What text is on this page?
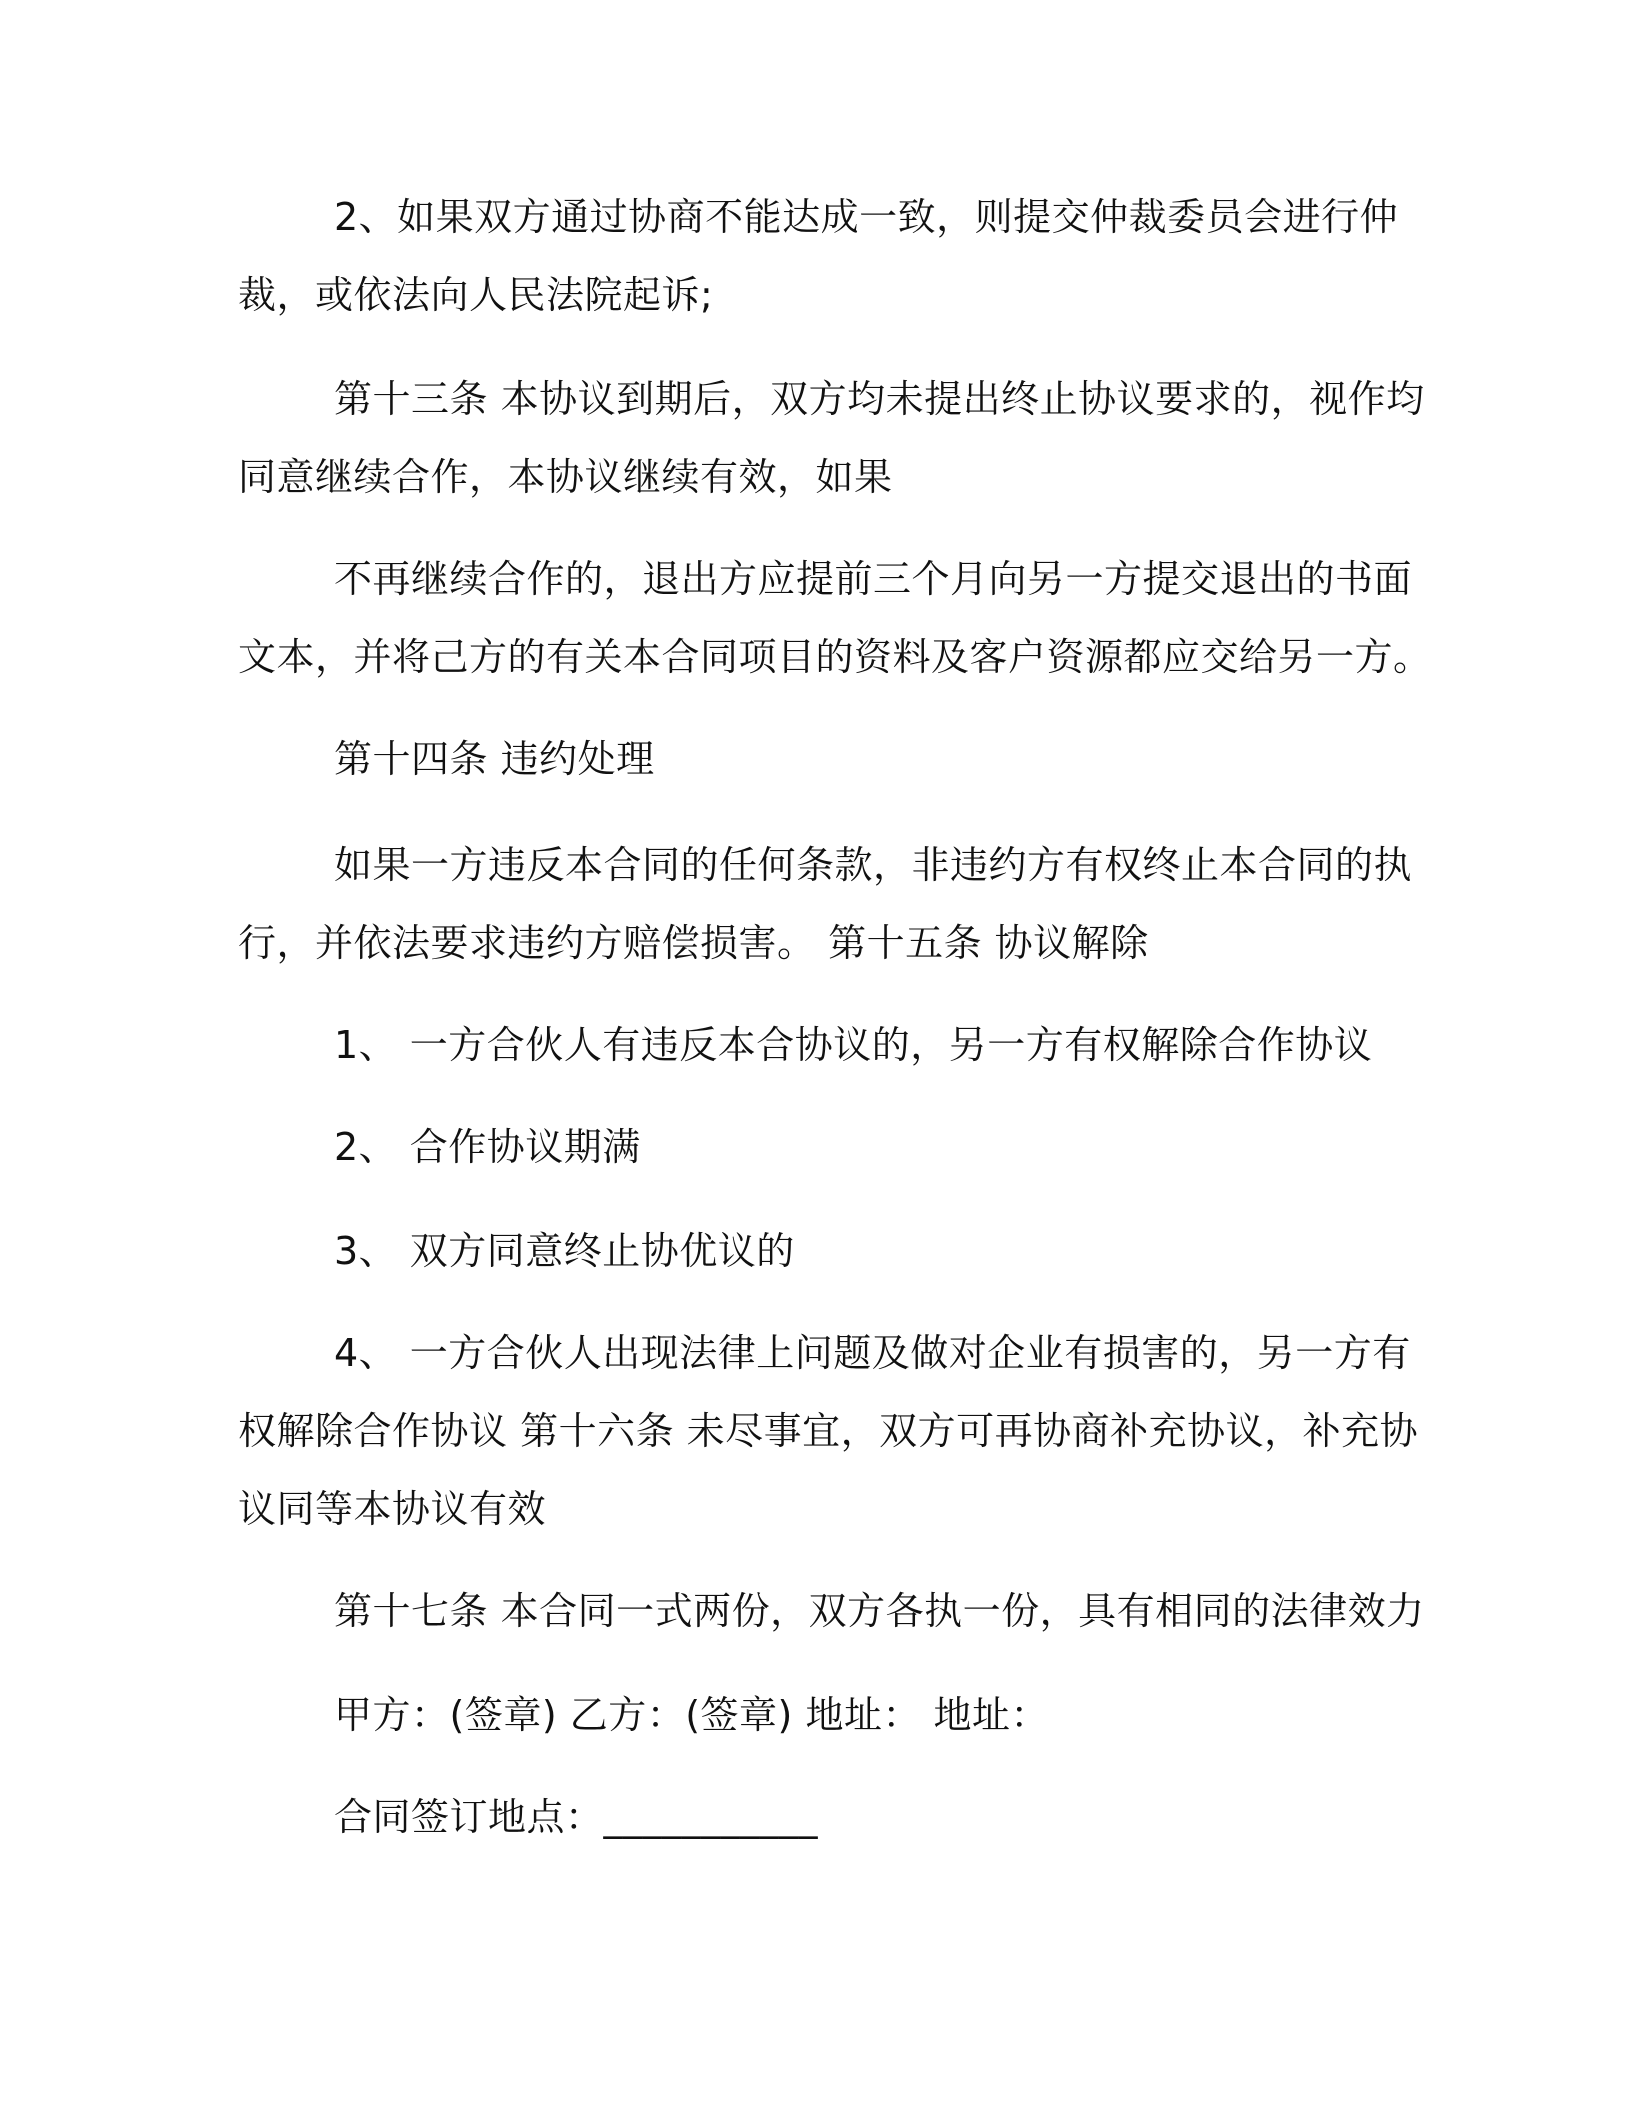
2、如果双方通过协商不能达成一致，则提交仲裁委员会进行仲
裁，或依法向人民法院起诉;

第十三条 本协议到期后，双方均未提出终止协议要求的，视作均
同意继续合作，本协议继续有效，如果

不再继续合作的，退出方应提前三个月向另一方提交退出的书面
文本，并将己方的有关本合同项目的资料及客户资源都应交给另一方。

第十四条 违约处理

如果一方违反本合同的任何条款，非违约方有权终止本合同的执
行，并依法要求违约方赔偿损害。 第十五条 协议解除

1、 一方合伙人有违反本合协议的，另一方有权解除合作协议

2、 合作协议期满

3、 双方同意终止协优议的

4、 一方合伙人出现法律上问题及做对企业有损害的，另一方有
权解除合作协议 第十六条 未尽事宜，双方可再协商补充协议，补充协
议同等本协议有效

第十七条 本合同一式两份，双方各执一份，具有相同的法律效力

甲方：(签章) 乙方：(签章) 地址： 地址：

合同签订地点：___________
